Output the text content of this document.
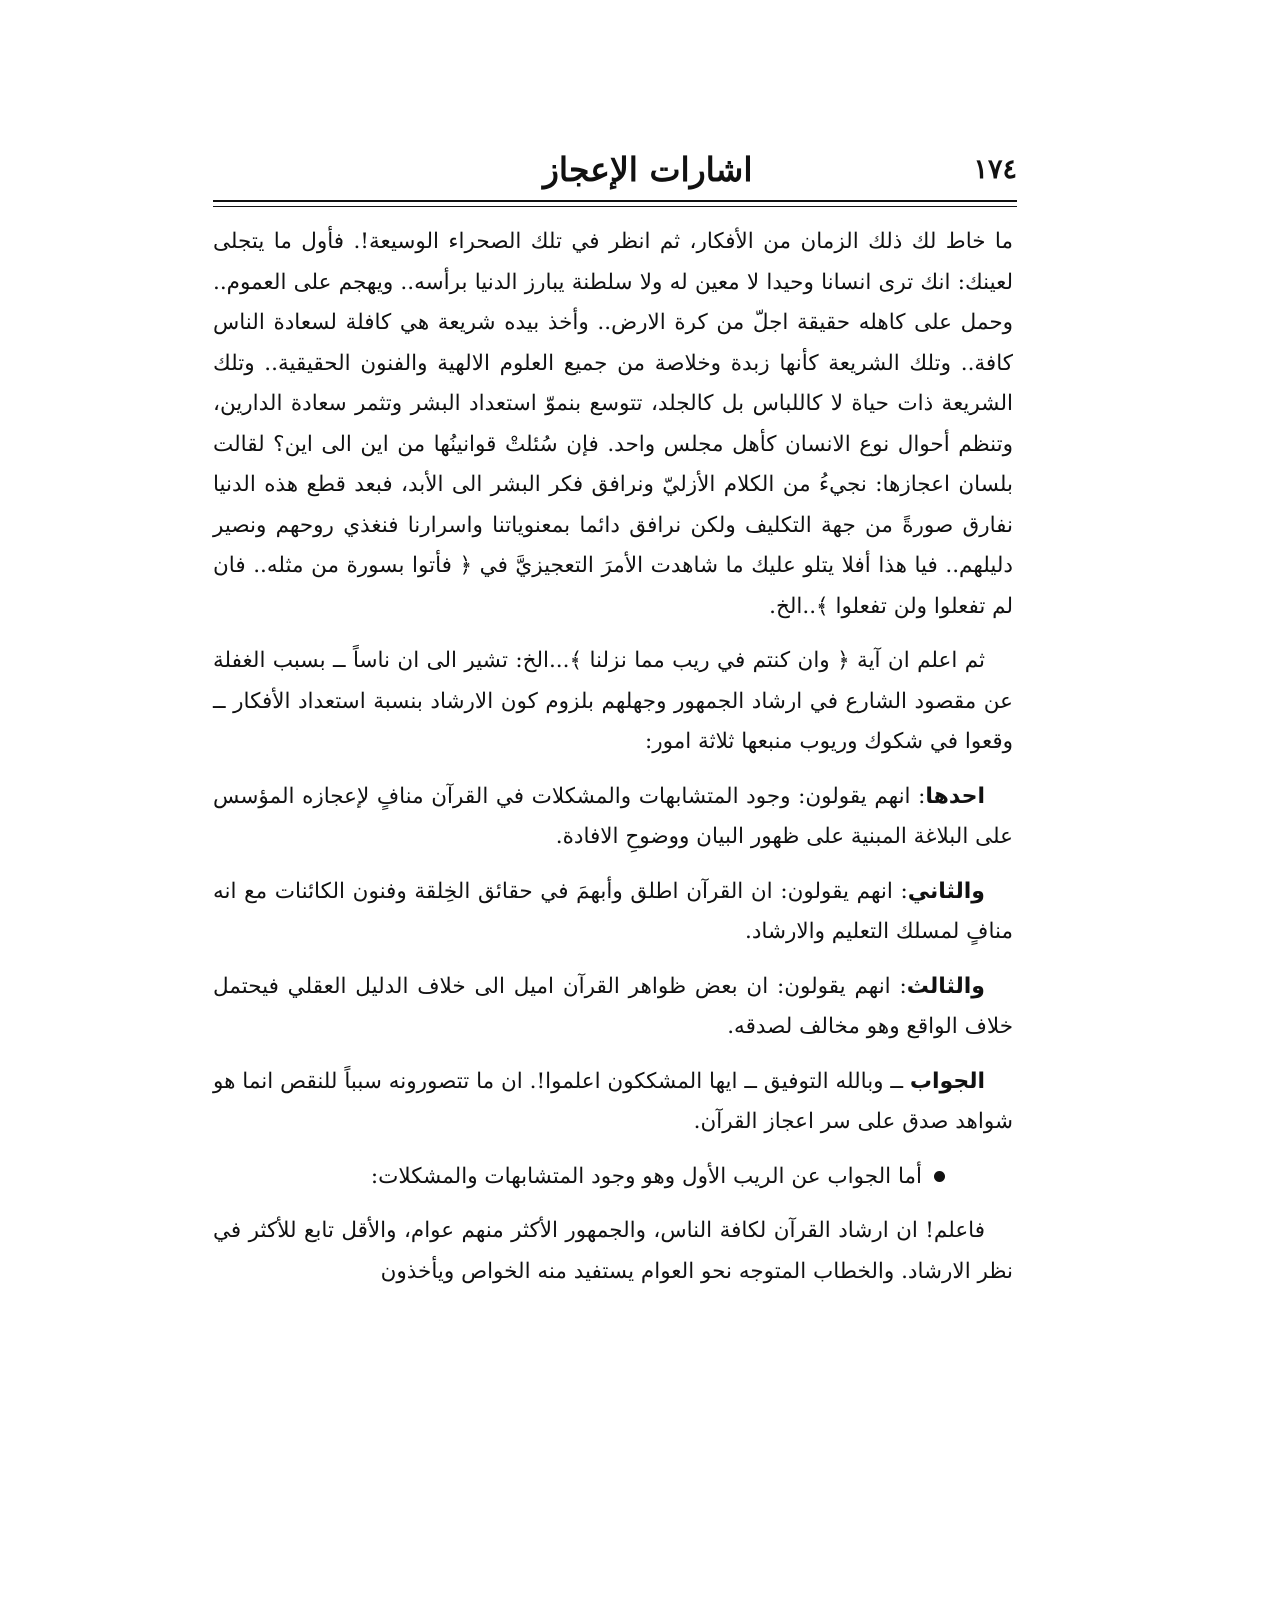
١٧٤
اشارات الإعجاز

ما خاط لك ذلك الزمان من الأفكار، ثم انظر في تلك الصحراء الوسيعة!. فأول ما يتجلى لعينك: انك ترى انسانا وحيدا لا معين له ولا سلطنة يبارز الدنيا برأسه.. ويهجم على العموم.. وحمل على كاهله حقيقة اجلّ من كرة الارض.. وأخذ بيده شريعة هي كافلة لسعادة الناس كافة.. وتلك الشريعة كأنها زبدة وخلاصة من جميع العلوم الالهية والفنون الحقيقية.. وتلك الشريعة ذات حياة لا كاللباس بل كالجلد، تتوسع بنموّ استعداد البشر وتثمر سعادة الدارين، وتنظم أحوال نوع الانسان كأهل مجلس واحد. فإن سُئلتْ قوانينُها من اين الى اين؟ لقالت بلسان اعجازها: نجيءُ من الكلام الأزليّ ونرافق فكر البشر الى الأبد، فبعد قطع هذه الدنيا نفارق صورةً من جهة التكليف ولكن نرافق دائما بمعنوياتنا واسرارنا فنغذي روحهم ونصير دليلهم.. فيا هذا أفلا يتلو عليك ما شاهدت الأمرَ التعجيزيَّ في ﴿ فأتوا بسورة من مثله.. فان لم تفعلوا ولن تفعلوا ﴾..الخ.

ثم اعلم ان آية ﴿ وان كنتم في ريب مما نزلنا ﴾...الخ: تشير الى ان ناساً ــ بسبب الغفلة عن مقصود الشارع في ارشاد الجمهور وجهلهم بلزوم كون الارشاد بنسبة استعداد الأفكار ــ وقعوا في شكوك وريوب منبعها ثلاثة امور:

احدها: انهم يقولون: وجود المتشابهات والمشكلات في القرآن منافٍ لإعجازه المؤسس على البلاغة المبنية على ظهور البيان ووضوحِ الافادة.

والثاني: انهم يقولون: ان القرآن اطلق وأبهمَ في حقائق الخِلقة وفنون الكائنات مع انه منافٍ لمسلك التعليم والارشاد.

والثالث: انهم يقولون: ان بعض ظواهر القرآن اميل الى خلاف الدليل العقلي فيحتمل خلاف الواقع وهو مخالف لصدقه.

الجواب ــ وبالله التوفيق ــ ايها المشككون اعلموا!. ان ما تتصورونه سبباً للنقص انما هو شواهد صدق على سر اعجاز القرآن.

أما الجواب عن الريب الأول وهو وجود المتشابهات والمشكلات:

فاعلم! ان ارشاد القرآن لكافة الناس، والجمهور الأكثر منهم عوام، والأقل تابع للأكثر في نظر الارشاد. والخطاب المتوجه نحو العوام يستفيد منه الخواص ويأخذون
